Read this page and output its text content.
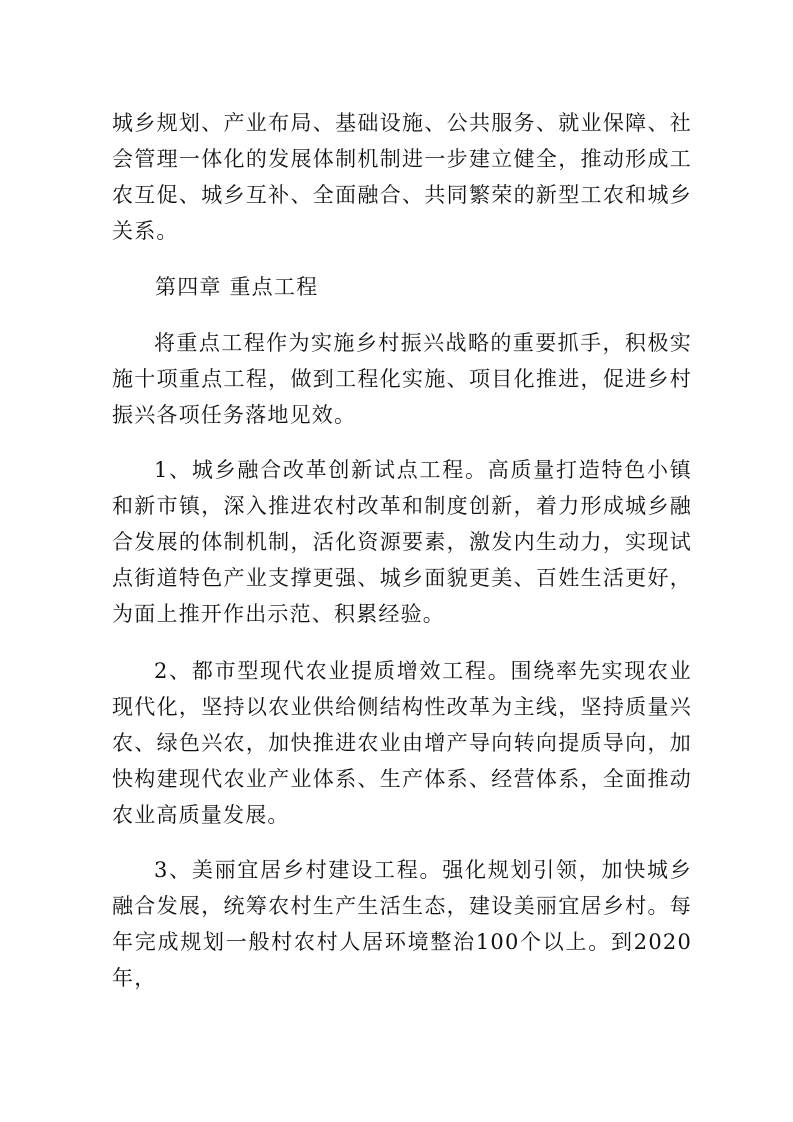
城乡规划、产业布局、基础设施、公共服务、就业保障、社会管理一体化的发展体制机制进一步建立健全，推动形成工农互促、城乡互补、全面融合、共同繁荣的新型工农和城乡关系。

第四章 重点工程

将重点工程作为实施乡村振兴战略的重要抓手，积极实施十项重点工程，做到工程化实施、项目化推进，促进乡村振兴各项任务落地见效。

1、城乡融合改革创新试点工程。高质量打造特色小镇和新市镇，深入推进农村改革和制度创新，着力形成城乡融合发展的体制机制，活化资源要素，激发内生动力，实现试点街道特色产业支撑更强、城乡面貌更美、百姓生活更好，为面上推开作出示范、积累经验。

2、都市型现代农业提质增效工程。围绕率先实现农业现代化，坚持以农业供给侧结构性改革为主线，坚持质量兴农、绿色兴农，加快推进农业由增产导向转向提质导向，加快构建现代农业产业体系、生产体系、经营体系，全面推动农业高质量发展。

3、美丽宜居乡村建设工程。强化规划引领，加快城乡融合发展，统筹农村生产生活生态，建设美丽宜居乡村。每年完成规划一般村农村人居环境整治100个以上。到2020年，
